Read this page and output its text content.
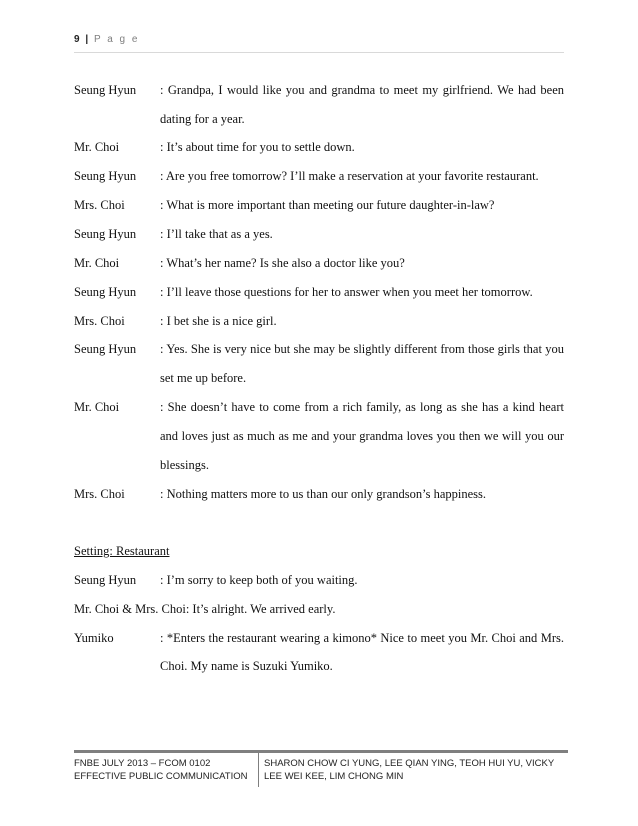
9 | P a g e
Seung Hyun : Grandpa, I would like you and grandma to meet my girlfriend. We had been
dating for a year.
Mr. Choi	: It’s about time for you to settle down.
Seung Hyun : Are you free tomorrow? I’ll make a reservation at your favorite restaurant.
Mrs. Choi	: What is more important than meeting our future daughter-in-law?
Seung Hyun : I’ll take that as a yes.
Mr. Choi	: What’s her name? Is she also a doctor like you?
Seung Hyun : I’ll leave those questions for her to answer when you meet her tomorrow.
Mrs. Choi	: I bet she is a nice girl.
Seung Hyun : Yes. She is very nice but she may be slightly different from those girls that you
set me up before.
Mr. Choi	: She doesn’t have to come from a rich family, as long as she has a kind heart
and loves just as much as me and your grandma loves you then we will you our
blessings.
Mrs. Choi	: Nothing matters more to us than our only grandson’s happiness.
Setting: Restaurant
Seung Hyun : I’m sorry to keep both of you waiting.
Mr. Choi & Mrs. Choi: It’s alright. We arrived early.
Yumiko	: *Enters the restaurant wearing a kimono* Nice to meet you Mr. Choi and Mrs.
Choi. My name is Suzuki Yumiko.
FNBE JULY 2013 – FCOM 0102
EFFECTIVE PUBLIC COMMUNICATION
SHARON CHOW CI YUNG, LEE QIAN YING, TEOH HUI YU, VICKY
LEE WEI KEE, LIM CHONG MIN
